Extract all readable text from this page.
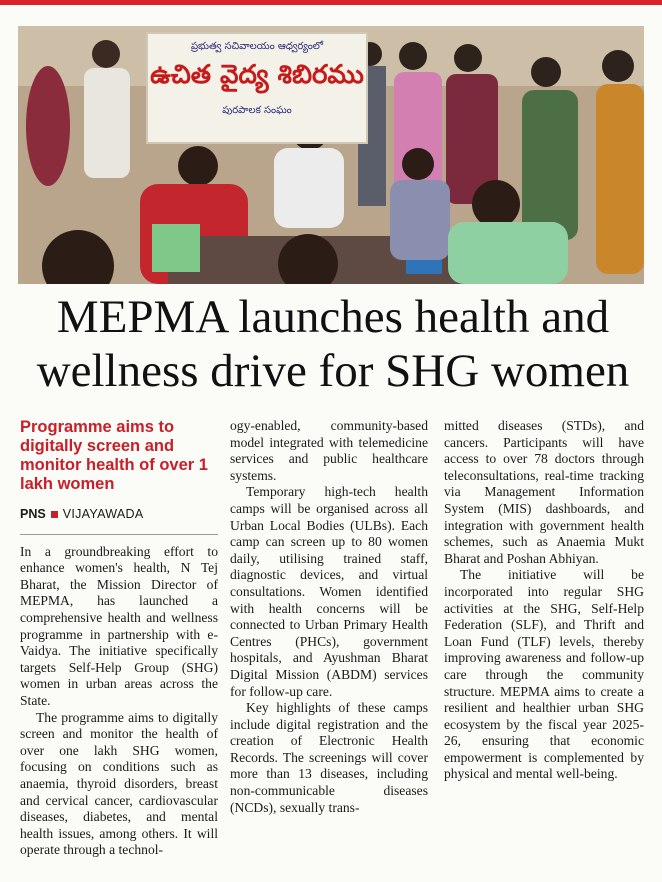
ప్రభుత్వ సచివాలయం ఆధ్వర్యంలో
ఉచిత వైద్య శిబిరము
పురపాలక సంఘం
MEPMA launches health and
wellness drive for SHG women
Programme aims to digitally screen and monitor health of over 1 lakh women
PNS VIJAYAWADA

In a groundbreaking effort to enhance women's health, N Tej Bharat, the Mission Director of MEPMA, has launched a comprehensive health and wellness programme in partnership with e-Vaidya. The initiative specifically targets Self-Help Group (SHG) women in urban areas across the State.

The programme aims to digitally screen and monitor the health of over one lakh SHG women, focusing on conditions such as anaemia, thyroid disorders, breast and cervical cancer, cardiovascular diseases, diabetes, and mental health issues, among others. It will operate through a technol-

ogy-enabled, community-based model integrated with telemedicine services and public healthcare systems.

Temporary high-tech health camps will be organised across all Urban Local Bodies (ULBs). Each camp can screen up to 80 women daily, utilising trained staff, diagnostic devices, and virtual consultations. Women identified with health concerns will be connected to Urban Primary Health Centres (PHCs), government hospitals, and Ayushman Bharat Digital Mission (ABDM) services for follow-up care.

Key highlights of these camps include digital registration and the creation of Electronic Health Records. The screenings will cover more than 13 diseases, including non-communicable diseases (NCDs), sexually trans-

mitted diseases (STDs), and cancers. Participants will have access to over 78 doctors through teleconsultations, real-time tracking via Management Information System (MIS) dashboards, and integration with government health schemes, such as Anaemia Mukt Bharat and Poshan Abhiyan.

The initiative will be incorporated into regular SHG activities at the SHG, Self-Help Federation (SLF), and Thrift and Loan Fund (TLF) levels, thereby improving awareness and follow-up care through the community structure. MEPMA aims to create a resilient and healthier urban SHG ecosystem by the fiscal year 2025-26, ensuring that economic empowerment is complemented by physical and mental well-being.
